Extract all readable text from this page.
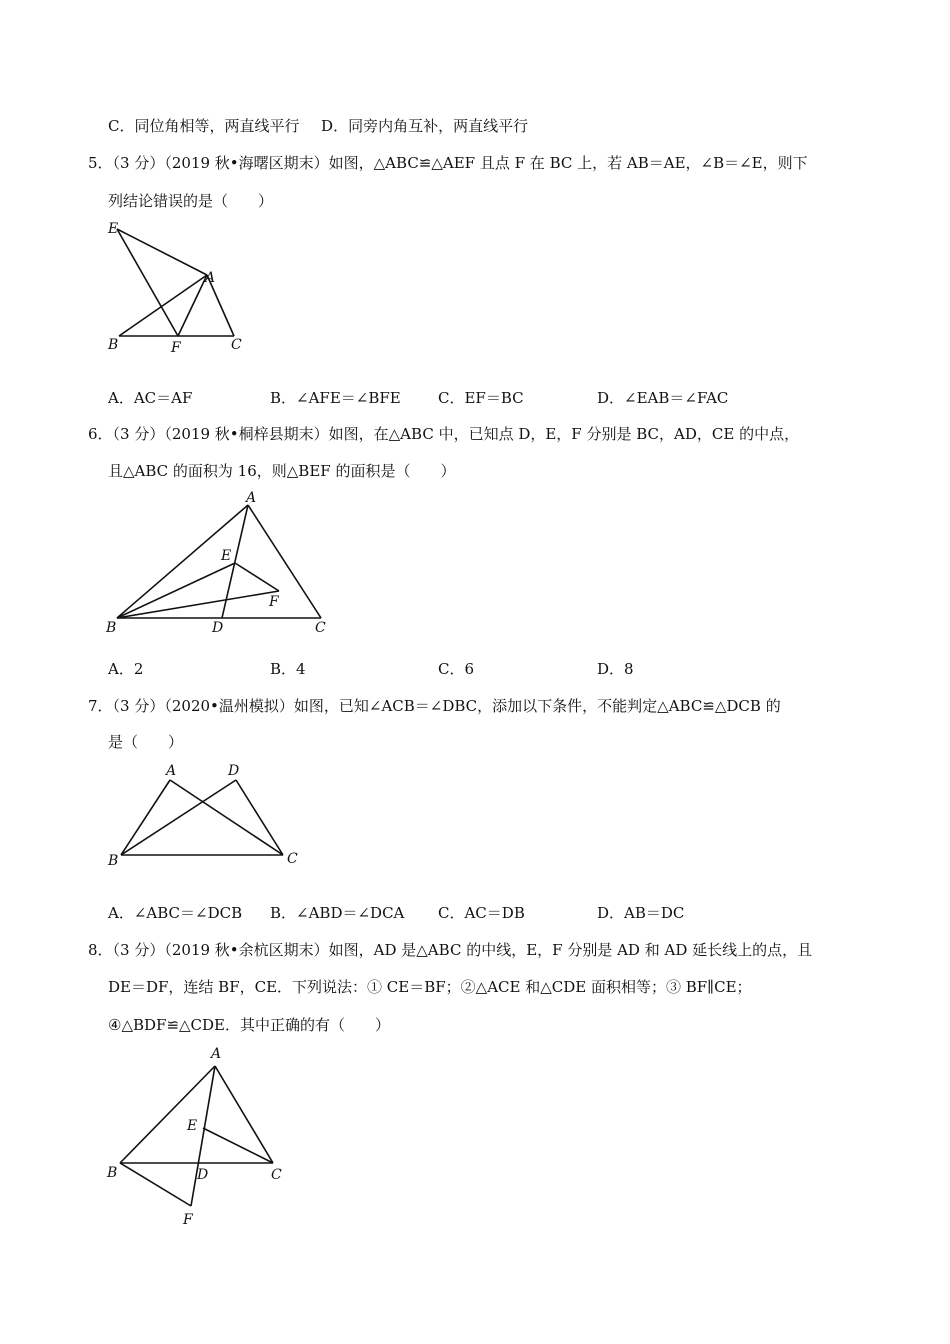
C．同位角相等，两直线平行 D．同旁内角互补，两直线平行
5．（3 分）（2019 秋•海曙区期末）如图，△ABC≌△AEF 且点 F 在 BC 上，若 AB＝AE，∠B＝∠E，则下
列结论错误的是（　　）
E
A
B	F	C
A．AC＝AF	B．∠AFE＝∠BFE C．EF＝BC	D．∠EAB＝∠FAC
6．（3 分）（2019 秋•桐梓县期末）如图，在△ABC 中，已知点 D，E，F 分别是 BC，AD，CE 的中点，
且△ABC 的面积为 16，则△BEF 的面积是（　　）
A
E
F
B	D	C
A．2	B．4	C．6	D．8
7．（3 分）（2020•温州模拟）如图，已知∠ACB＝∠DBC，添加以下条件，不能判定△ABC≌△DCB 的
是（　　）
A	D
B	C
A．∠ABC＝∠DCB B．∠ABD＝∠DCA C．AC＝DB	D．AB＝DC
8．（3 分）（2019 秋•余杭区期末）如图，AD 是△ABC 的中线，E，F 分别是 AD 和 AD 延长线上的点，且
DE＝DF，连结 BF，CE．下列说法：① CE＝BF；②△ACE 和△CDE 面积相等；③ BF∥CE；
④△BDF≌△CDE．其中正确的有（　　）
A
E
B	D	C
F
